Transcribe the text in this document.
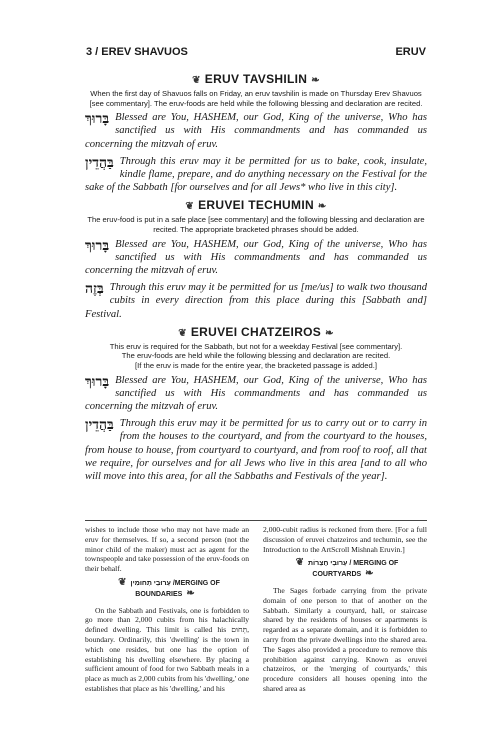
3 / EREV SHAVUOS	ERUV
❦ ERUV TAVSHILIN ❧
When the first day of Shavuos falls on Friday, an eruv tavshilin is made on Thursday Erev Shavuos [see commentary]. The eruv-foods are held while the following blessing and declaration are recited.
בָּרוּךְ Blessed are You, HASHEM, our God, King of the universe, Who has sanctified us with His commandments and has commanded us concerning the mitzvah of eruv.
בַּהֲדֵין Through this eruv may it be permitted for us to bake, cook, insulate, kindle flame, prepare, and do anything necessary on the Festival for the sake of the Sabbath [for ourselves and for all Jews* who live in this city].
❦ ERUVEI TECHUMIN ❧
The eruv-food is put in a safe place [see commentary] and the following blessing and declaration are recited. The appropriate bracketed phrases should be added.
בָּרוּךְ Blessed are You, HASHEM, our God, King of the universe, Who has sanctified us with His commandments and has commanded us concerning the mitzvah of eruv.
בְּזֶה Through this eruv may it be permitted for us [me/us] to walk two thousand cubits in every direction from this place during this [Sabbath and] Festival.
❦ ERUVEI CHATZEIROS ❧
This eruv is required for the Sabbath, but not for a weekday Festival [see commentary].
The eruv-foods are held while the following blessing and declaration are recited.
[If the eruv is made for the entire year, the bracketed passage is added.]
בָּרוּךְ Blessed are You, HASHEM, our God, King of the universe, Who has sanctified us with His commandments and has commanded us concerning the mitzvah of eruv.
בַּהֲדֵין Through this eruv may it be permitted for us to carry out or to carry in from the houses to the courtyard, and from the courtyard to the houses, from house to house, from courtyard to courtyard, and from roof to roof, all that we require, for ourselves and for all Jews who live in this area [and to all who will move into this area, for all the Sabbaths and Festivals of the year].

wishes to include those who may not have made an eruv for themselves. If so, a second person (not the minor child of the maker) must act as agent for the townspeople and take possession of the eruv-foods on their behalf.

❦ עֵרוּבֵי תְחוּמִין /MERGING OF BOUNDARIES ❧

On the Sabbath and Festivals, one is forbidden to go more than 2,000 cubits from his halachically defined dwelling. This limit is called his תְּחוּם, boundary. Ordinarily, this 'dwelling' is the town in which one resides, but one has the option of establishing his dwelling elsewhere. By placing a sufficient amount of food for two Sabbath meals in a place as much as 2,000 cubits from his 'dwelling,' one establishes that place as his 'dwelling,' and his

2,000-cubit radius is reckoned from there. [For a full discussion of eruvei chatzeiros and techumin, see the Introduction to the ArtScroll Mishnah Eruvin.]

❦ עֵרוּבֵי חֲצֵרוֹת / MERGING OF COURTYARDS ❧

The Sages forbade carrying from the private domain of one person to that of another on the Sabbath. Similarly a courtyard, hall, or staircase shared by the residents of houses or apartments is regarded as a separate domain, and it is forbidden to carry from the private dwellings into the shared area. The Sages also provided a procedure to remove this prohibition against carrying. Known as eruvei chatzeiros, or the 'merging of courtyards,' this procedure considers all houses opening into the shared area as
